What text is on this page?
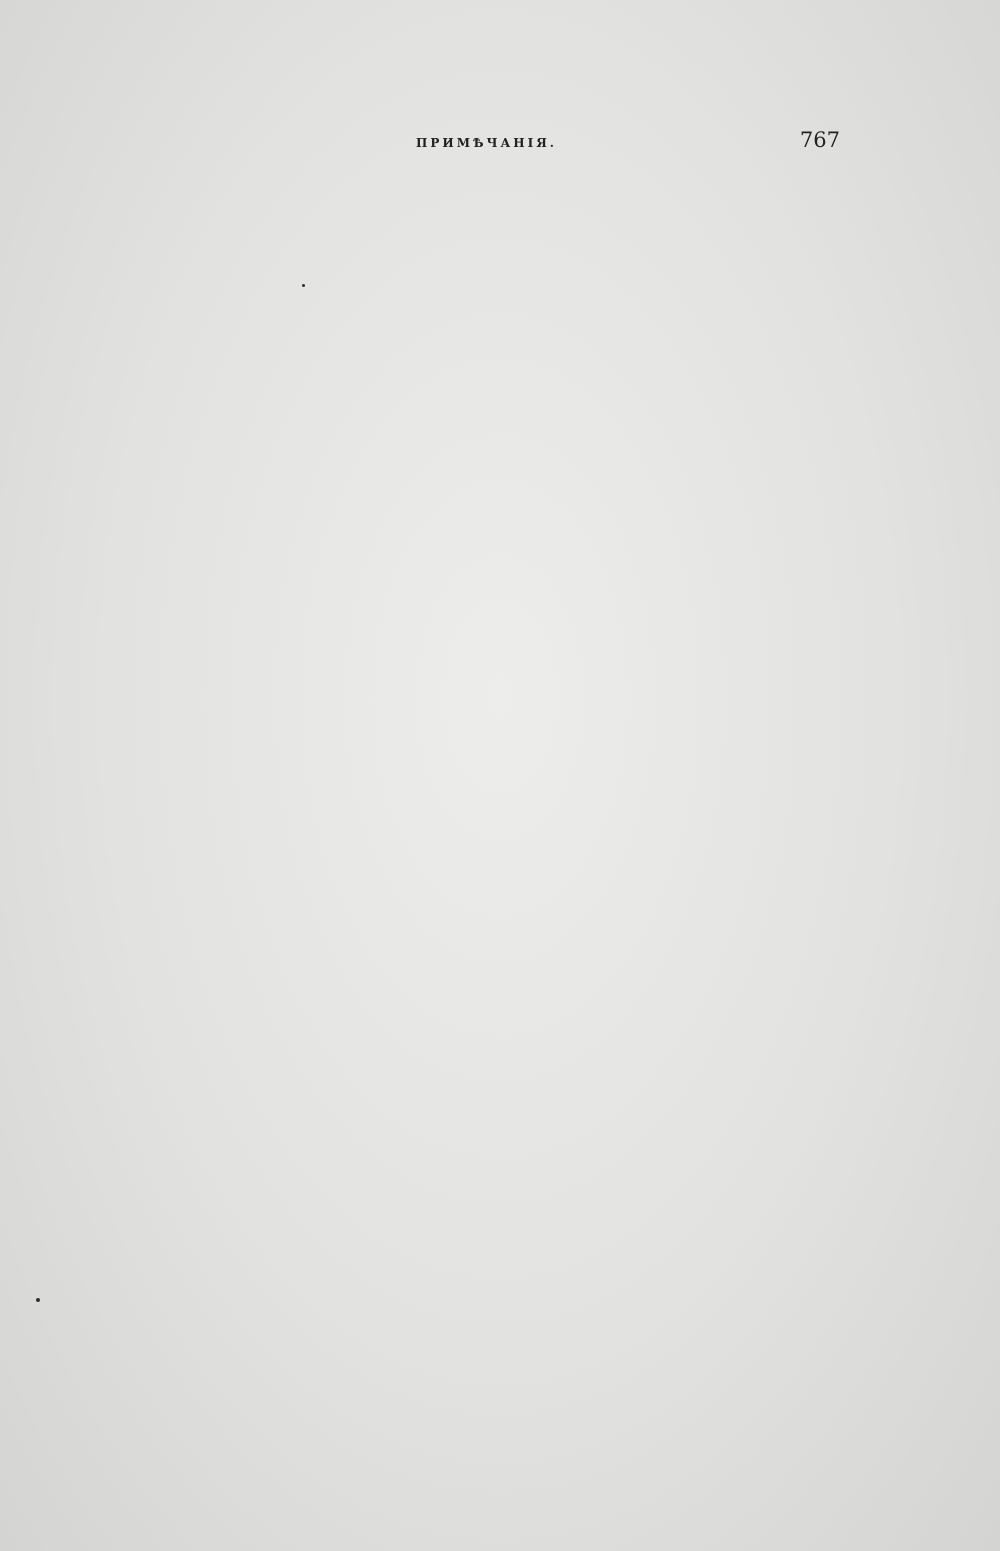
ПРИМѢЧАНІЯ.	767
